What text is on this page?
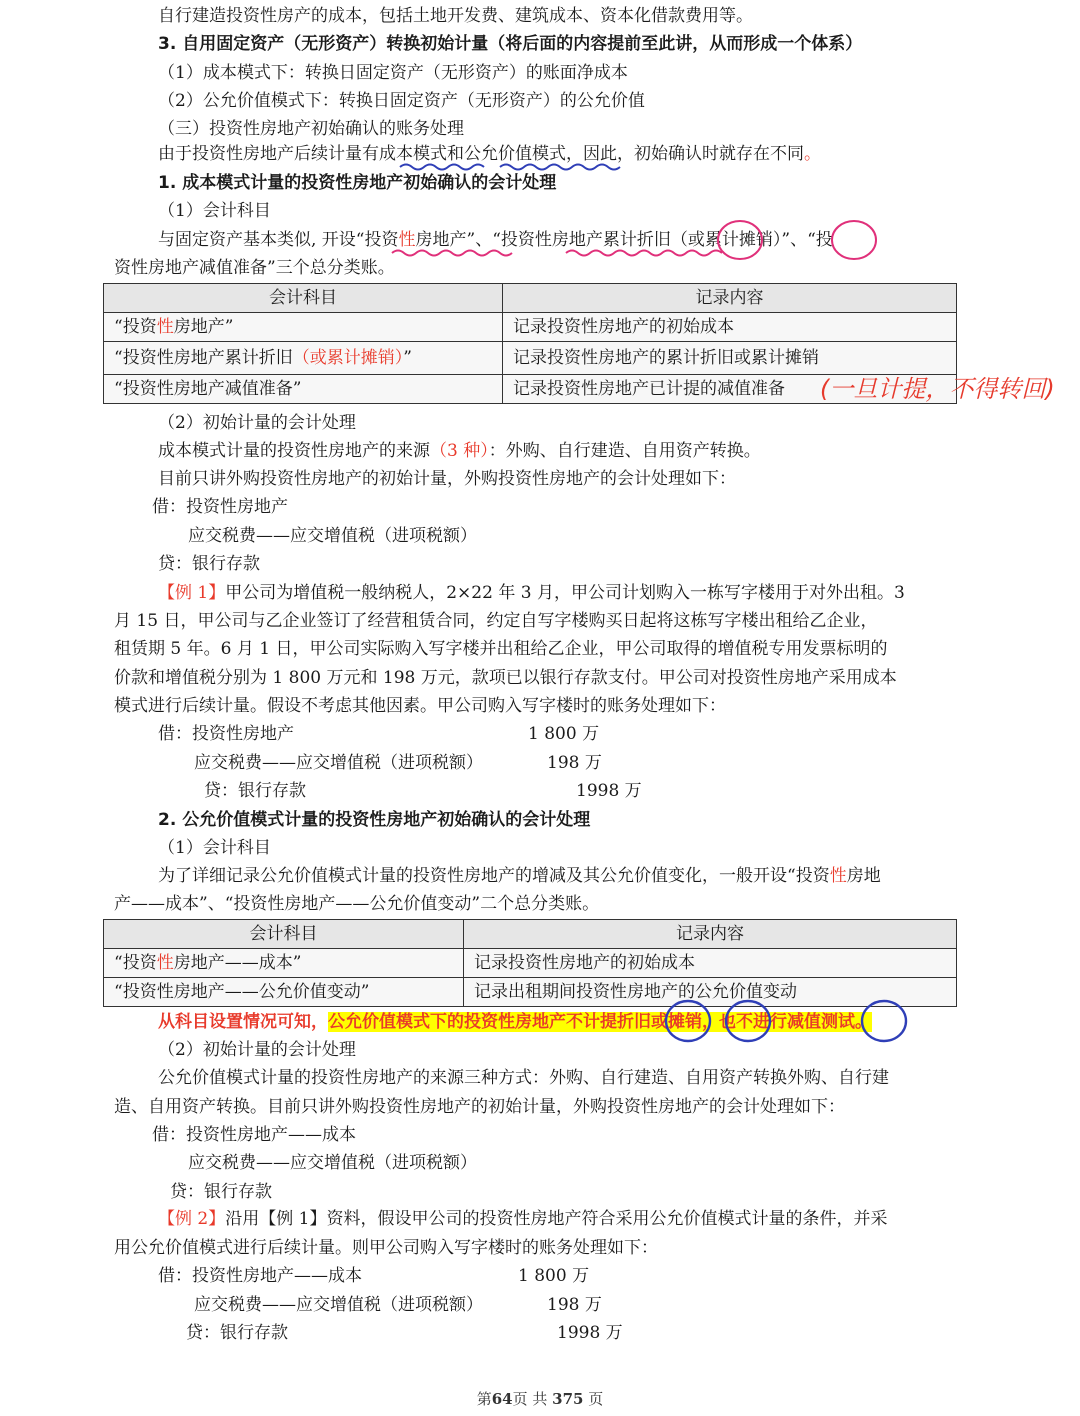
自行建造投资性房产的成本，包括土地开发费、建筑成本、资本化借款费用等。
3. 自用固定资产（无形资产）转换初始计量（将后面的内容提前至此讲，从而形成一个体系）
（1）成本模式下：转换日固定资产（无形资产）的账面净成本
（2）公允价值模式下：转换日固定资产（无形资产）的公允价值
（三）投资性房地产初始确认的账务处理
由于投资性房地产后续计量有成本模式和公允价值模式，因此，初始确认时就存在不同。
1. 成本模式计量的投资性房地产初始确认的会计处理
（1）会计科目
与固定资产基本类似, 开设“投资性房地产”、“投资性房地产累计折旧（或累计摊销）”、“投
资性房地产减值准备”三个总分类账。
会计科目	记录内容
“投资性房地产”	记录投资性房地产的初始成本
“投资性房地产累计折旧（或累计摊销）”	记录投资性房地产的累计折旧或累计摊销
“投资性房地产减值准备”	记录投资性房地产已计提的减值准备 (一旦计提，不得转回)
（2）初始计量的会计处理
成本模式计量的投资性房地产的来源（3 种）：外购、自行建造、自用资产转换。
目前只讲外购投资性房地产的初始计量，外购投资性房地产的会计处理如下：
借：投资性房地产
应交税费——应交增值税（进项税额）
贷：银行存款
【例 1】甲公司为增值税一般纳税人，2×22 年 3 月，甲公司计划购入一栋写字楼用于对外出租。3
月 15 日，甲公司与乙企业签订了经营租赁合同，约定自写字楼购买日起将这栋写字楼出租给乙企业，
租赁期 5 年。6 月 1 日，甲公司实际购入写字楼并出租给乙企业，甲公司取得的增值税专用发票标明的
价款和增值税分别为 1 800 万元和 198 万元，款项已以银行存款支付。甲公司对投资性房地产采用成本
模式进行后续计量。假设不考虑其他因素。甲公司购入写字楼时的账务处理如下：
借：投资性房地产	1 800 万
应交税费——应交增值税（进项税额）	198 万
贷：银行存款	1998 万
2. 公允价值模式计量的投资性房地产初始确认的会计处理
（1）会计科目
为了详细记录公允价值模式计量的投资性房地产的增减及其公允价值变化，一般开设“投资性房地
产——成本”、“投资性房地产——公允价值变动”二个总分类账。
会计科目	记录内容
“投资性房地产——成本”	记录投资性房地产的初始成本
“投资性房地产——公允价值变动”	记录出租期间投资性房地产的公允价值变动
从科目设置情况可知，公允价值模式下的投资性房地产不计提折旧或摊销，也不进行减值测试。
（2）初始计量的会计处理
公允价值模式计量的投资性房地产的来源三种方式：外购、自行建造、自用资产转换外购、自行建
造、自用资产转换。目前只讲外购投资性房地产的初始计量，外购投资性房地产的会计处理如下：
借：投资性房地产——成本
应交税费——应交增值税（进项税额）
贷：银行存款
【例 2】沿用【例 1】资料，假设甲公司的投资性房地产符合采用公允价值模式计量的条件，并采
用公允价值模式进行后续计量。则甲公司购入写字楼时的账务处理如下：
借：投资性房地产——成本	1 800 万
应交税费——应交增值税（进项税额）	198 万
贷：银行存款	1998 万
第64页 共 375 页
